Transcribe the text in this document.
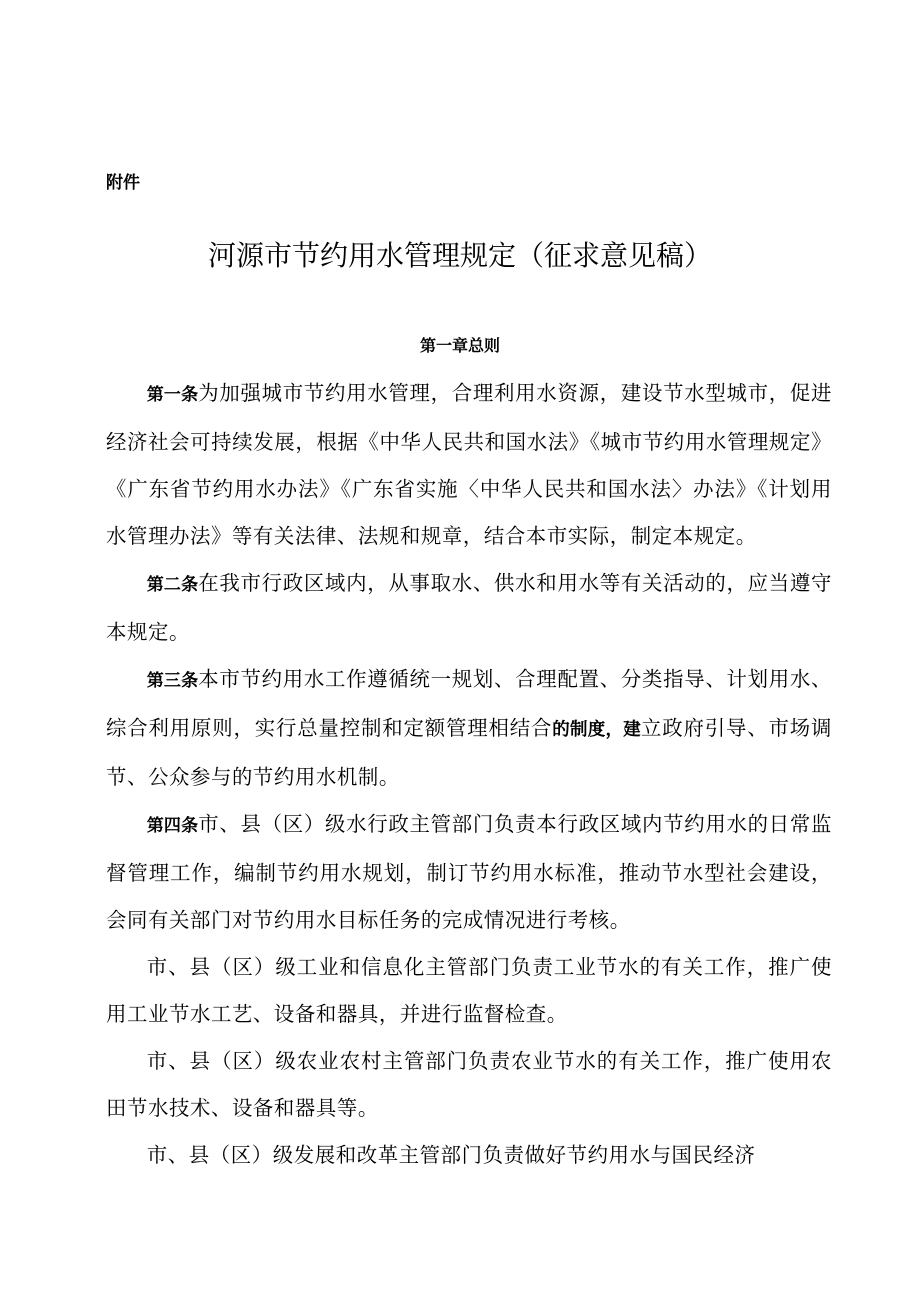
附件
河源市节约用水管理规定（征求意见稿）
第一章总则

第一条为加强城市节约用水管理，合理利用水资源，建设节水型城市，促进经济社会可持续发展，根据《中华人民共和国水法》《城市节约用水管理规定》《广东省节约用水办法》《广东省实施〈中华人民共和国水法〉办法》《计划用水管理办法》等有关法律、法规和规章，结合本市实际，制定本规定。

第二条在我市行政区域内，从事取水、供水和用水等有关活动的，应当遵守本规定。

第三条本市节约用水工作遵循统一规划、合理配置、分类指导、计划用水、综合利用原则，实行总量控制和定额管理相结合的制度，建立政府引导、市场调节、公众参与的节约用水机制。

第四条市、县（区）级水行政主管部门负责本行政区域内节约用水的日常监督管理工作，编制节约用水规划，制订节约用水标准，推动节水型社会建设，会同有关部门对节约用水目标任务的完成情况进行考核。

市、县（区）级工业和信息化主管部门负责工业节水的有关工作，推广使用工业节水工艺、设备和器具，并进行监督检查。

市、县（区）级农业农村主管部门负责农业节水的有关工作，推广使用农田节水技术、设备和器具等。

市、县（区）级发展和改革主管部门负责做好节约用水与国民经济
